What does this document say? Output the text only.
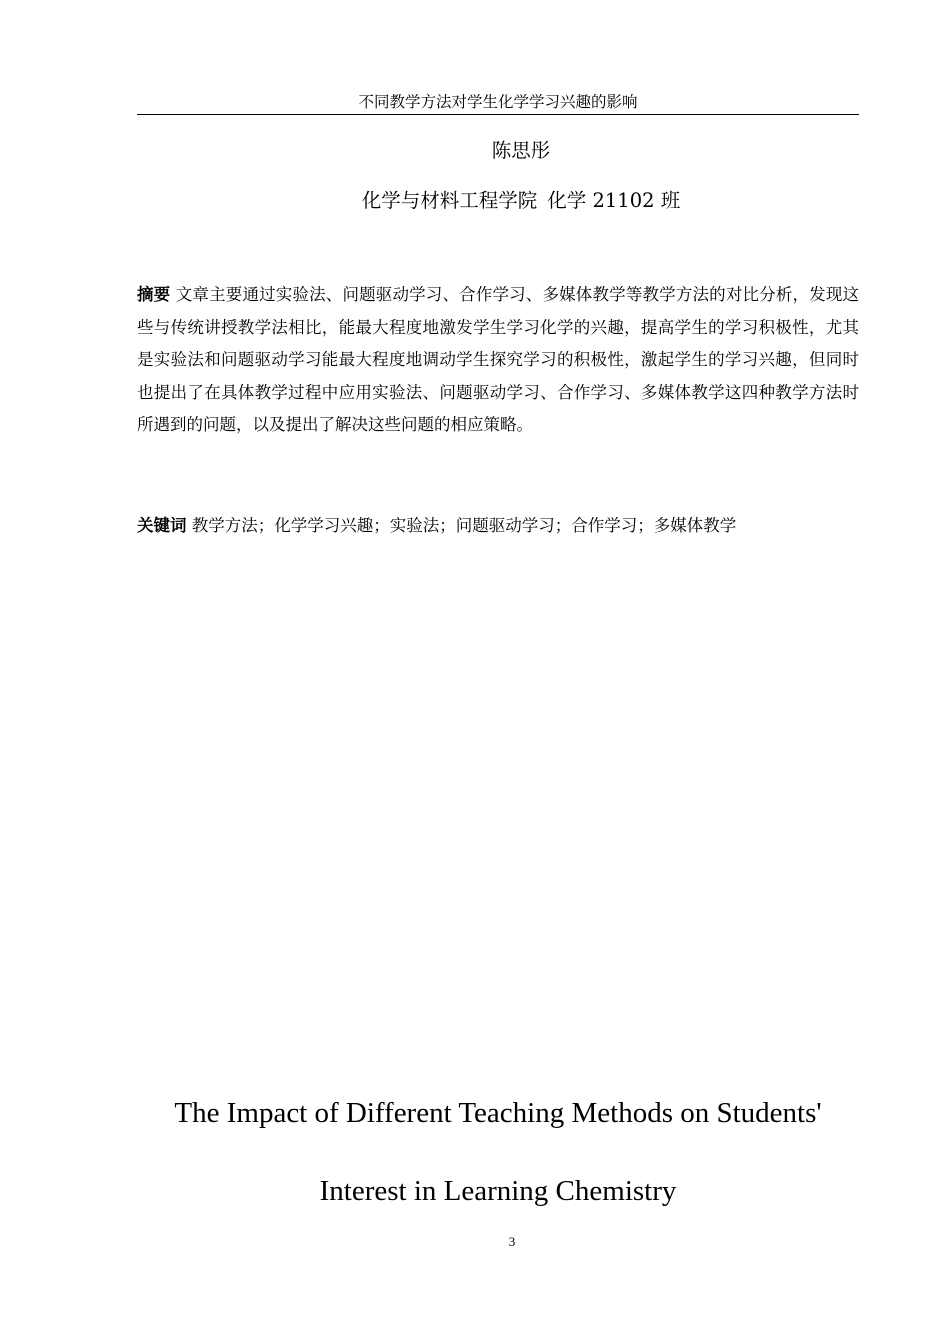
不同教学方法对学生化学学习兴趣的影响
陈思彤
化学与材料工程学院 化学 21102 班

摘要 文章主要通过实验法、问题驱动学习、合作学习、多媒体教学等教学方法的对比分析，发现这些与传统讲授教学法相比，能最大程度地激发学生学习化学的兴趣，提高学生的学习积极性，尤其是实验法和问题驱动学习能最大程度地调动学生探究学习的积极性，激起学生的学习兴趣，但同时也提出了在具体教学过程中应用实验法、问题驱动学习、合作学习、多媒体教学这四种教学方法时所遇到的问题，以及提出了解决这些问题的相应策略。

关键词 教学方法；化学学习兴趣；实验法；问题驱动学习；合作学习；多媒体教学

The Impact of Different Teaching Methods on Students'
Interest in Learning Chemistry
3
